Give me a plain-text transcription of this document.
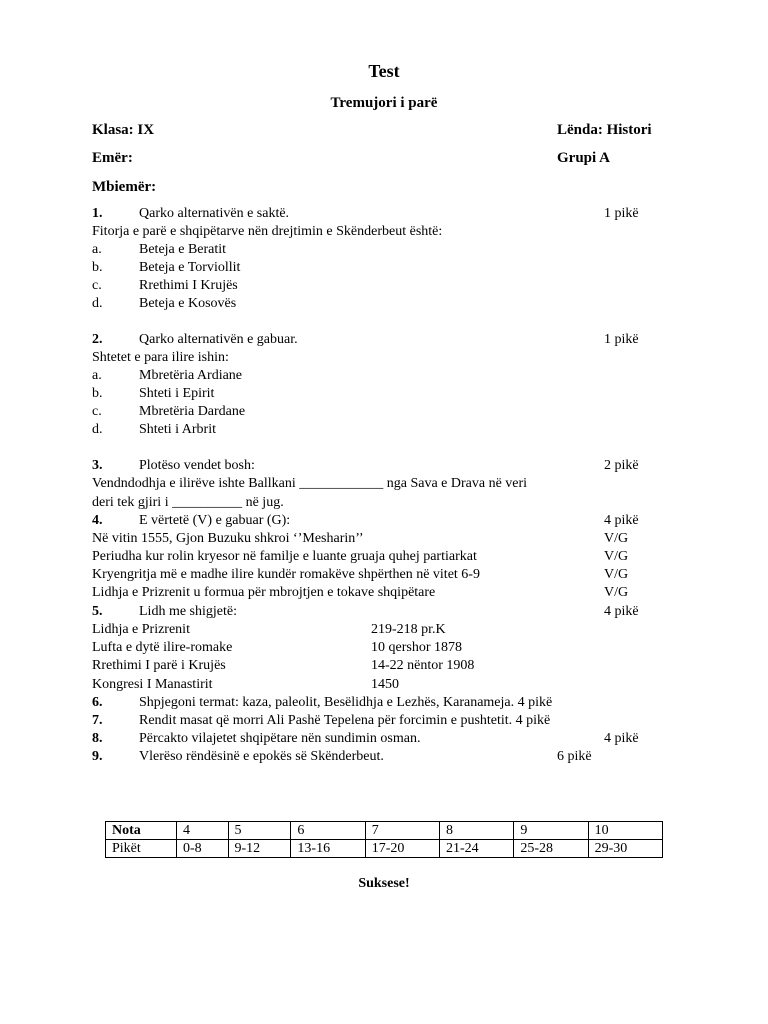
Test
Tremujori i parë
Klasa: IX	Lënda: Histori
Emër:	Grupi A
Mbiemër:
1.	Qarko alternativën e saktë.	1 pikë
Fitorja e parë e shqipëtarve nën drejtimin e Skënderbeut është:
a.	Beteja e Beratit
b.	Beteja e Torviollit
c.	Rrethimi I Krujës
d.	Beteja e Kosovës
2.	Qarko alternativën e gabuar.	1 pikë
Shtetet e para ilire ishin:
a.	Mbretëria Ardiane
b.	Shteti i Epirit
c.	Mbretëria Dardane
d.	Shteti i Arbrit
3.	Plotëso vendet bosh:	2 pikë
Vendndodhja e ilirëve ishte Ballkani ____________ nga Sava e Drava në veri
deri tek gjiri i __________ në jug.
4.	E vërtetë (V) e gabuar (G):	4 pikë
Në vitin 1555, Gjon Buzuku shkroi ‘’Mesharin’’	V/G
Periudha kur rolin kryesor në familje e luante gruaja quhej partiarkat	V/G
Kryengritja më e madhe ilire kundër romakëve shpërthen në vitet 6-9	V/G
Lidhja e Prizrenit u formua për mbrojtjen e tokave shqipëtare	V/G
5.	Lidh me shigjetë:	4 pikë
Lidhja e Prizrenit	219-218 pr.K
Lufta e dytë ilire-romake	10 qershor 1878
Rrethimi I parë i Krujës	14-22 nëntor 1908
Kongresi I Manastirit	1450
6.	Shpjegoni termat: kaza, paleolit, Besëlidhja e Lezhës, Karanameja. 4 pikë
7.	Rendit masat që morri Ali Pashë Tepelena për forcimin e pushtetit. 4 pikë
8.	Përcakto vilajetet shqipëtare nën sundimin osman.	4 pikë
9.	Vlerëso rëndësinë e epokës së Skënderbeut.	6 pikë
Nota	4	5	6	7	8	9	10
Pikët	0-8	9-12	13-16	17-20	21-24	25-28	29-30
Suksese!
